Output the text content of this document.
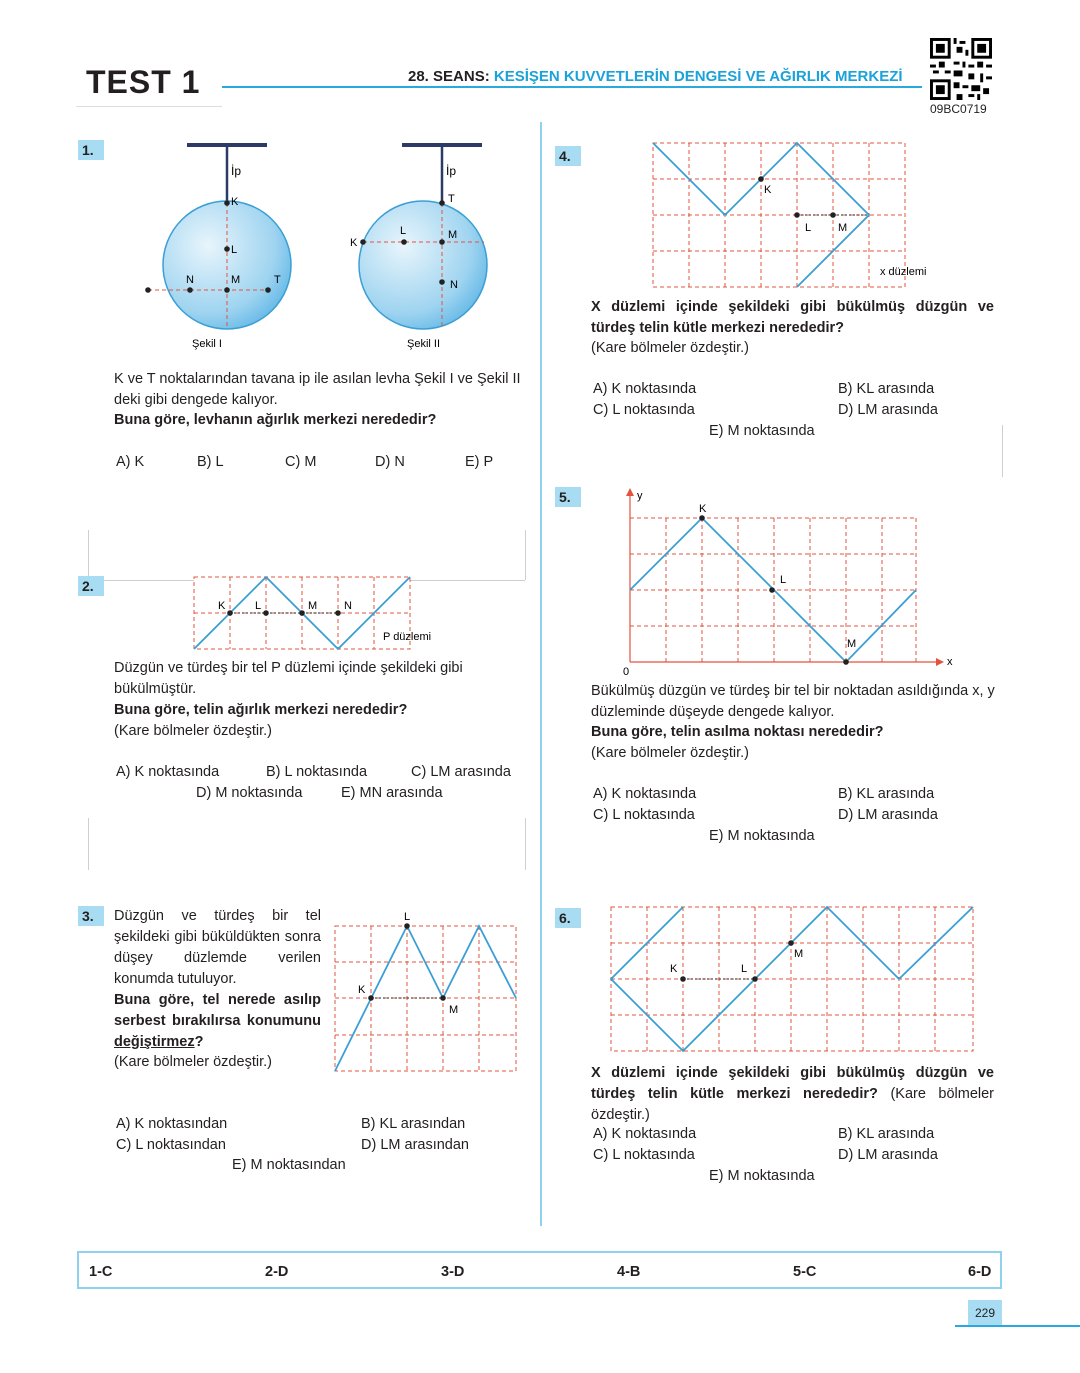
TEST 1	28. SEANS: KESİŞEN KUVVETLERİN DENGESİ VE AĞIRLIK MERKEZİ
09BC0719
1.
İp
K
L
M
N	T
Şekil I
İp
T
K
L	M
N
Şekil II
K ve T noktalarından tavana ip ile asılan levha Şekil I ve Şekil II deki gibi dengede kalıyor.
Buna göre, levhanın ağırlık merkezi nerededir?
A) K	B) L	C) M	D) N	E) P
2.
K	L	M N
P düzlemi
Düzgün ve türdeş bir tel P düzlemi içinde şekildeki gibi bükülmüştür.
Buna göre, telin ağırlık merkezi nerededir?
(Kare bölmeler özdeştir.)
A) K noktasında	B) L noktasında	C) LM arasında
D) M noktasında	E) MN arasında
3.	Düzgün ve türdeş bir tel şekildeki gibi büküldükten sonra düşey düzlemde verilen konumda tutuluyor.
Buna göre, tel nerede asılıp serbest bırakılırsa konumunu değiştirmez?
(Kare bölmeler özdeştir.)
K
L
M
A) K noktasından	B) KL arasından
C) L noktasından	D) LM arasından
E) M noktasından
4.
K
L M
x düzlemi
X düzlemi içinde şekildeki gibi bükülmüş düzgün ve türdeş telin kütle merkezi nerededir?
(Kare bölmeler özdeştir.)
A) K noktasında	B) KL arasında
C) L noktasında	D) LM arasında
E) M noktasında
5.	y
x
0
K
L
M
Bükülmüş düzgün ve türdeş bir tel bir noktadan asıldığında x, y düzleminde düşeyde dengede kalıyor.
Buna göre, telin asılma noktası nerededir?
(Kare bölmeler özdeştir.)
A) K noktasında	B) KL arasında
C) L noktasında	D) LM arasında
E) M noktasında
6.
K	L
M
X düzlemi içinde şekildeki gibi bükülmüş düzgün ve türdeş telin kütle merkezi nerededir? (Kare bölmeler özdeştir.)
A) K noktasında	B) KL arasında
C) L noktasında	D) LM arasında
E) M noktasında
1-C	2-D	3-D	4-B	5-C	6-D
229
